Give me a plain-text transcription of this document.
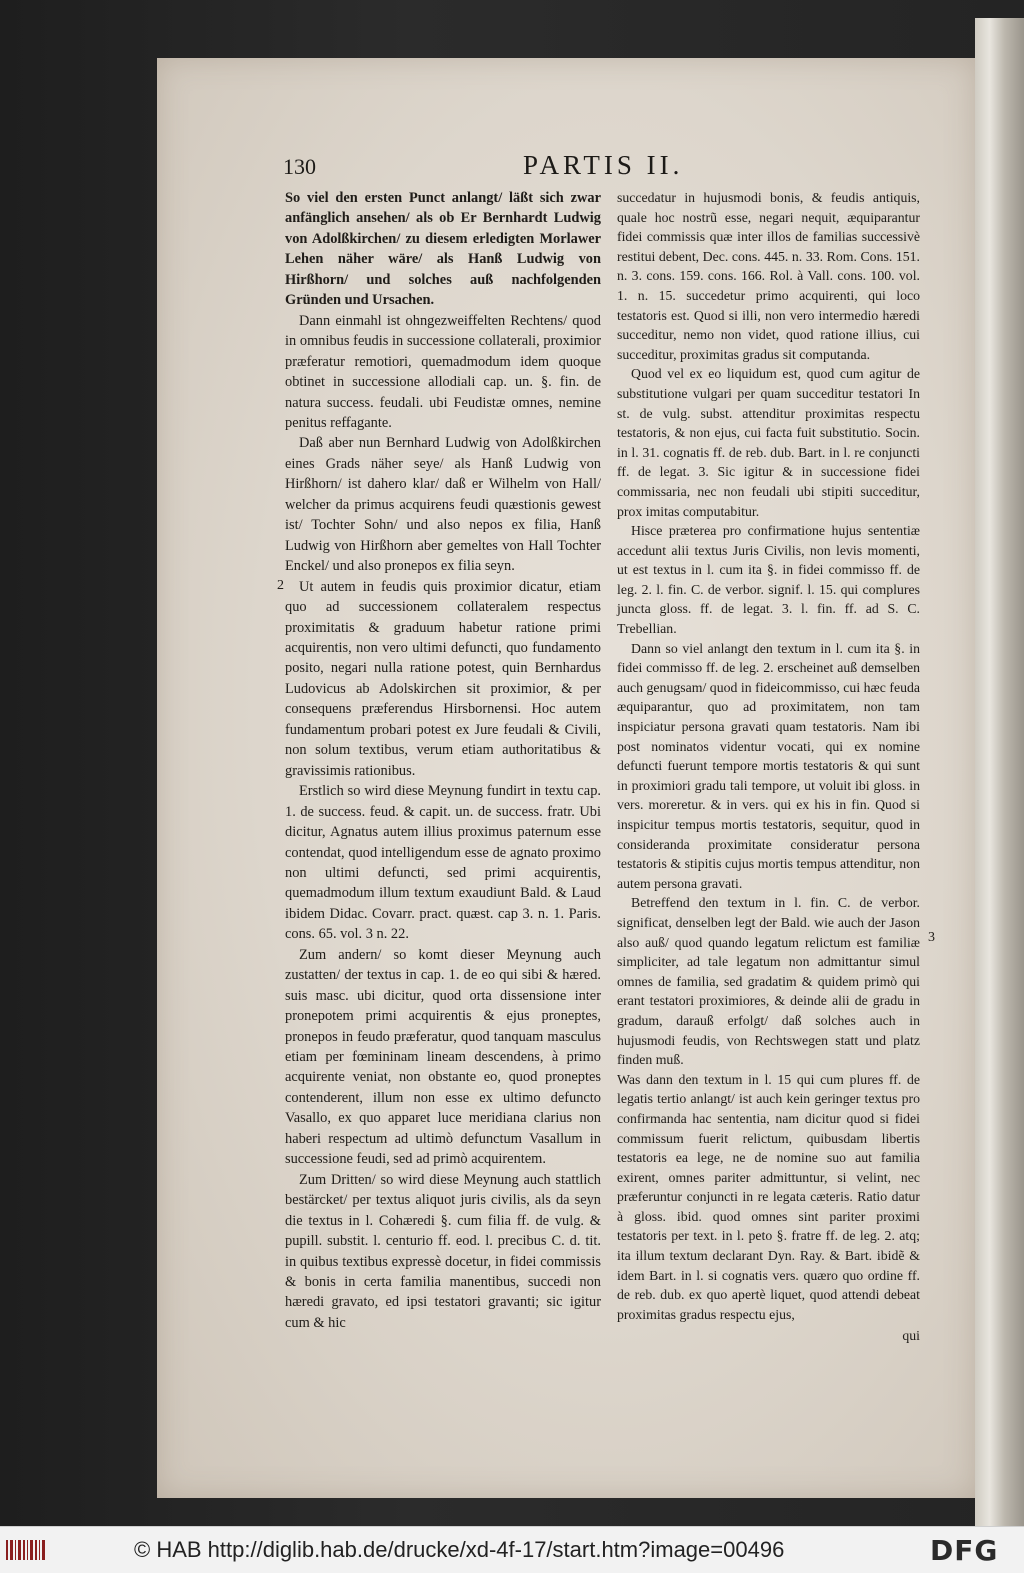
130	PARTIS II.

So viel den ersten Punct anlangt/ läßt sich zwar anfänglich ansehen/ als ob Er Bernhardt Ludwig von Adolßkirchen/ zu diesem erledigten Morlawer Lehen näher wäre/ als Hanß Ludwig von Hirßhorn/ und solches auß nachfolgenden Gründen und Ursachen.

Dann einmahl ist ohngezweiffelten Rechtens/ quod in omnibus feudis in successione collaterali, proximior præferatur remotiori, quemadmodum idem quoque obtinet in successione allodiali cap. un. §. fin. de natura success. feudali. ubi Feudistæ omnes, nemine penitus reffagante.

Daß aber nun Bernhard Ludwig von Adolßkirchen eines Grads näher seye/ als Hanß Ludwig von Hirßhorn/ ist dahero klar/ daß er Wilhelm von Hall/ welcher da primus acquirens feudi quæstionis gewest ist/ Tochter Sohn/ und also nepos ex filia, Hanß Ludwig von Hirßhorn aber gemeltes von Hall Tochter Enckel/ und also pronepos ex filia seyn.

Ut autem in feudis quis proximior dicatur, etiam quo ad successionem collateralem respectus proximitatis & graduum habetur ratione primi acquirentis, non vero ultimi defuncti, quo fundamento posito, negari nulla ratione potest, quin Bernhardus Ludovicus ab Adolskirchen sit proximior, & per consequens præferendus Hirsbornensi. Hoc autem fundamentum probari potest ex Jure feudali & Civili, non solum textibus, verum etiam authoritatibus & gravissimis rationibus.

Erstlich so wird diese Meynung fundirt in textu cap. 1. de success. feud. & capit. un. de success. fratr. Ubi dicitur, Agnatus autem illius proximus paternum esse contendat, quod intelligendum esse de agnato proximo non ultimi defuncti, sed primi acquirentis, quemadmodum illum textum exaudiunt Bald. & Laud ibidem Didac. Covarr. pract. quæst. cap 3. n. 1. Paris. cons. 65. vol. 3 n. 22.

Zum andern/ so komt dieser Meynung auch zustatten/ der textus in cap. 1. de eo qui sibi & hæred. suis masc. ubi dicitur, quod orta dissensione inter pronepotem primi acquirentis & ejus proneptes, pronepos in feudo præferatur, quod tanquam masculus etiam per fœmininam lineam descendens, à primo acquirente veniat, non obstante eo, quod proneptes contenderent, illum non esse ex ultimo defuncto Vasallo, ex quo apparet luce meridiana clarius non haberi respectum ad ultimò defunctum Vasallum in successione feudi, sed ad primò acquirentem.

Zum Dritten/ so wird diese Meynung auch stattlich bestärcket/ per textus aliquot juris civilis, als da seyn die textus in l. Cohæredi §. cum filia ff. de vulg. & pupill. substit. l. centurio ff. eod. l. precibus C. d. tit. in quibus textibus expressè docetur, in fidei commissis & bonis in certa familia manentibus, succedi non hæredi gravato, ed ipsi testatori gravanti; sic igitur cum & hic

succedatur in hujusmodi bonis, & feudis antiquis, quale hoc nostrũ esse, negari nequit, æquiparantur fidei commissis quæ inter illos de familias successivè restitui debent, Dec. cons. 445. n. 33. Rom. Cons. 151. n. 3. cons. 159. cons. 166. Rol. à Vall. cons. 100. vol. 1. n. 15. succedetur primo acquirenti, qui loco testatoris est. Quod si illi, non vero intermedio hæredi succeditur, nemo non videt, quod ratione illius, cui succeditur, proximitas gradus sit computanda.

Quod vel ex eo liquidum est, quod cum agitur de substitutione vulgari per quam succeditur testatori In st. de vulg. subst. attenditur proximitas respectu testatoris, & non ejus, cui facta fuit substitutio. Socin. in l. 31. cognatis ff. de reb. dub. Bart. in l. re conjuncti ff. de legat. 3. Sic igitur & in successione fidei commissaria, nec non feudali ubi stipiti succeditur, prox imitas computabitur.

Hisce præterea pro confirmatione hujus sententiæ accedunt alii textus Juris Civilis, non levis momenti, ut est textus in l. cum ita §. in fidei commisso ff. de leg. 2. l. fin. C. de verbor. signif. l. 15. qui complures juncta gloss. ff. de legat. 3. l. fin. ff. ad S. C. Trebellian.

Dann so viel anlangt den textum in l. cum ita §. in fidei commisso ff. de leg. 2. erscheinet auß demselben auch genugsam/ quod in fideicommisso, cui hæc feuda æquiparantur, quo ad proximitatem, non tam inspiciatur persona gravati quam testatoris. Nam ibi post nominatos videntur vocati, qui ex nomine defuncti fuerunt tempore mortis testatoris & qui sunt in proximiori gradu tali tempore, ut voluit ibi gloss. in vers. moreretur. & in vers. qui ex his in fin. Quod si inspicitur tempus mortis testatoris, sequitur, quod in consideranda proximitate consideratur persona testatoris & stipitis cujus mortis tempus attenditur, non autem persona gravati.

Betreffend den textum in l. fin. C. de verbor. significat, denselben legt der Bald. wie auch der Jason also auß/ quod quando legatum relictum est familiæ simpliciter, ad tale legatum non admittantur simul omnes de familia, sed gradatim & quidem primò qui erant testatori proximiores, & deinde alii de gradu in gradum, darauß erfolgt/ daß solches auch in hujusmodi feudis, von Rechtswegen statt und platz finden muß.

Was dann den textum in l. 15 qui cum plures ff. de legatis tertio anlangt/ ist auch kein geringer textus pro confirmanda hac sententia, nam dicitur quod si fidei commissum fuerit relictum, quibusdam libertis testatoris ea lege, ne de nomine suo aut familia exirent, omnes pariter admittuntur, si velint, nec præferuntur conjuncti in re legata cæteris. Ratio datur à gloss. ibid. quod omnes sint pariter proximi testatoris per text. in l. peto §. fratre ff. de leg. 2. atq; ita illum textum declarant Dyn. Ray. & Bart. ibidẽ & idem Bart. in l. si cognatis vers. quæro quo ordine ff. de reb. dub. ex quo apertè liquet, quod attendi debeat proximitas gradus respectu ejus,

qui

2
3
© HAB http://diglib.hab.de/drucke/xd-4f-17/start.htm?image=00496	DFG
